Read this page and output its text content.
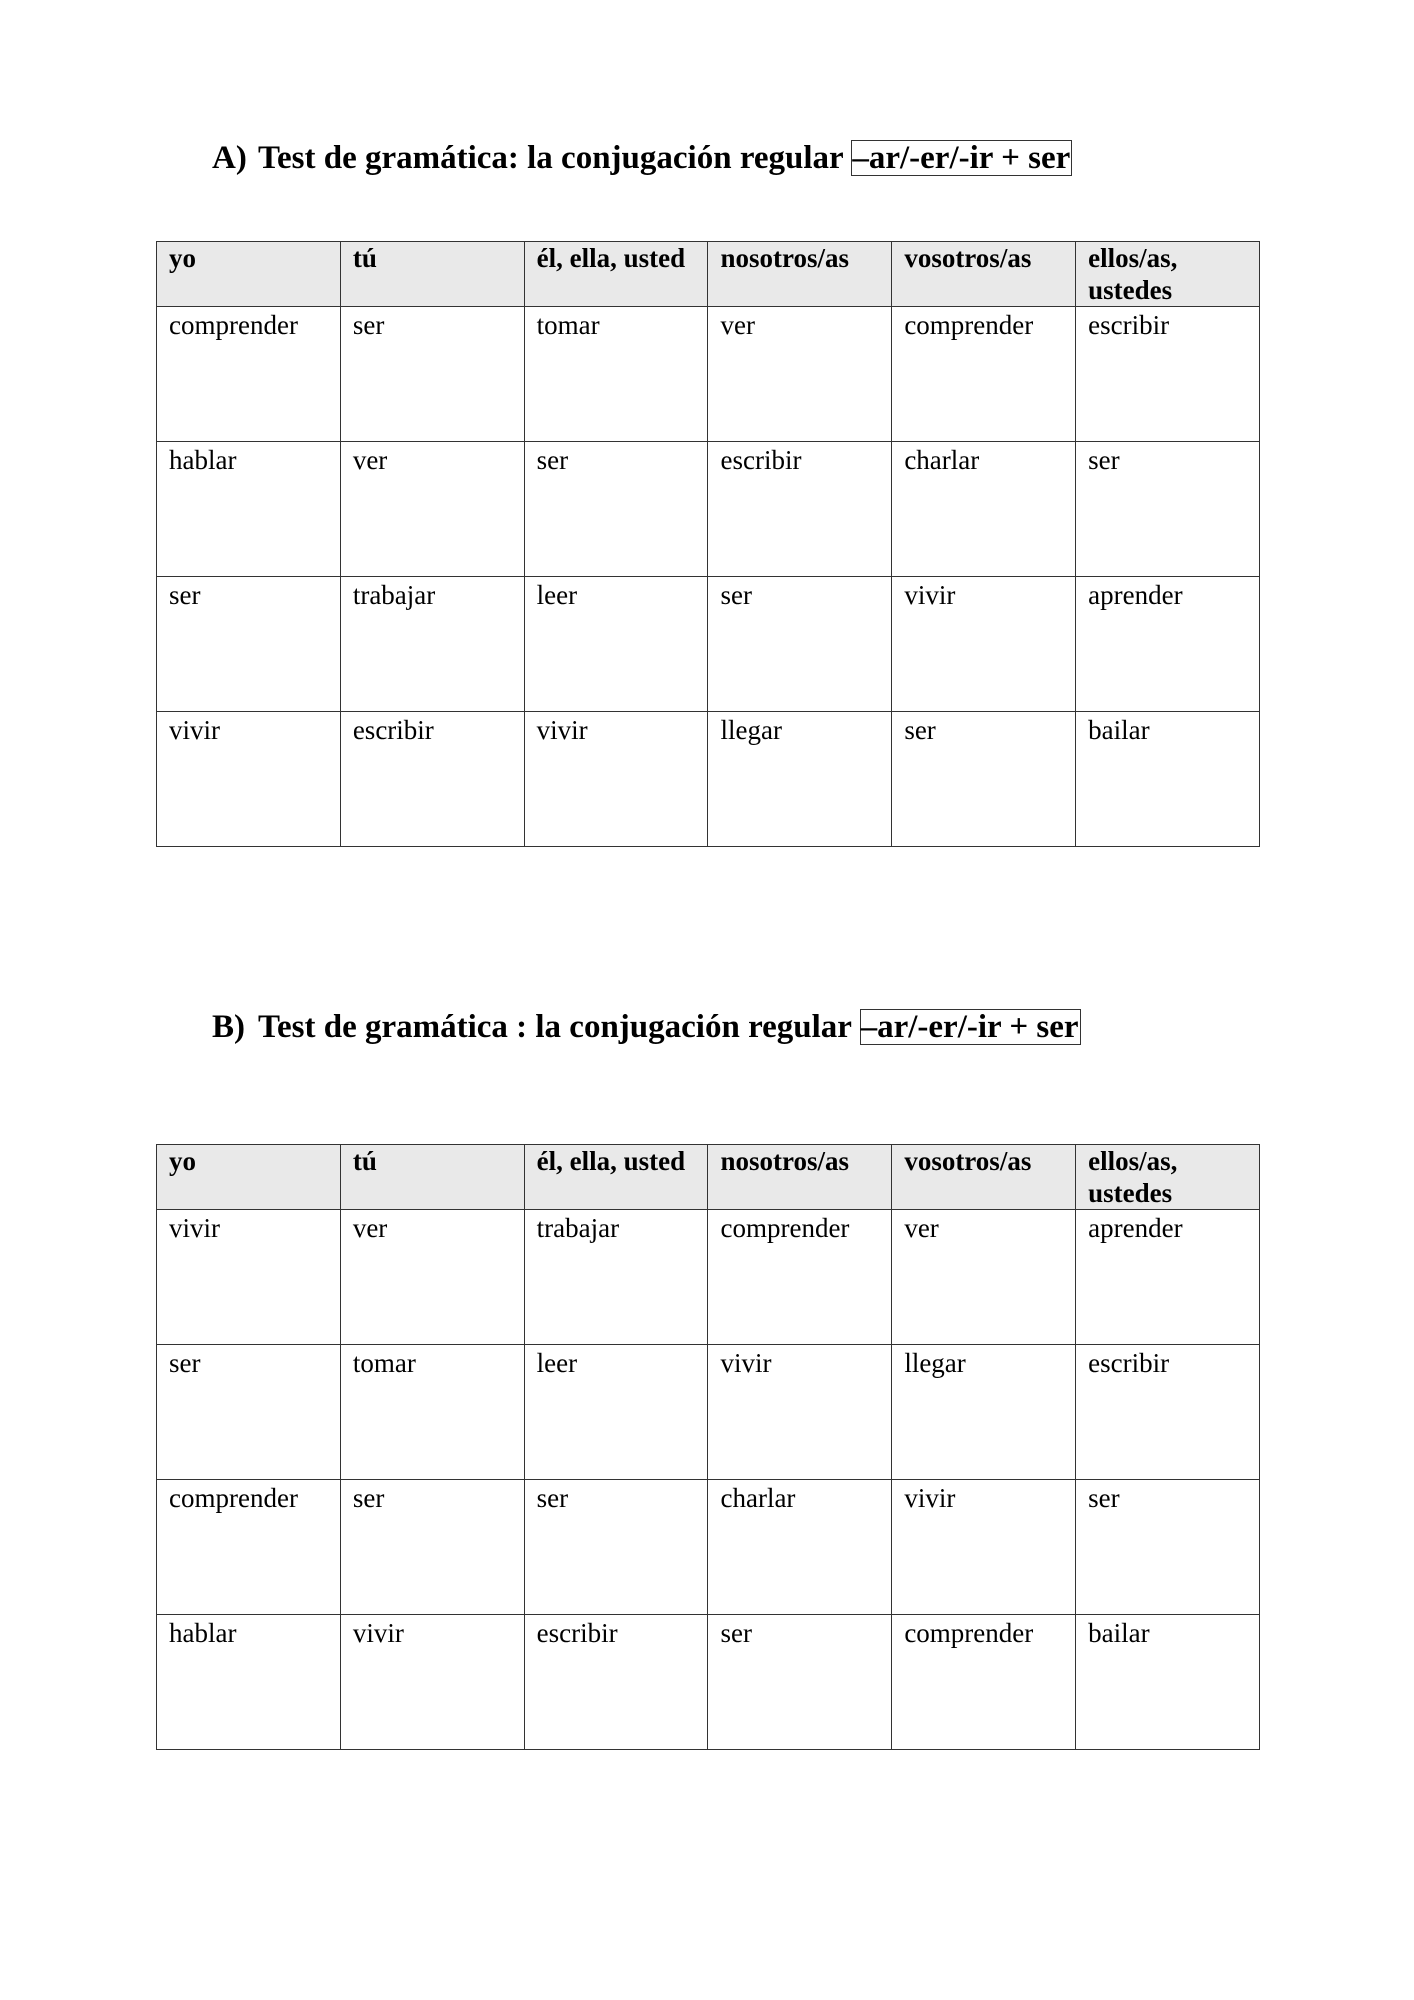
A) Test de gramática: la conjugación regular –ar/-er/-ir + ser
yo	tú	él, ella, usted	nosotros/as	vosotros/as	ellos/as, ustedes
comprender	ser	tomar	ver	comprender	escribir
hablar	ver	ser	escribir	charlar	ser
ser	trabajar	leer	ser	vivir	aprender
vivir	escribir	vivir	llegar	ser	bailar
B) Test de gramática : la conjugación regular –ar/-er/-ir + ser
yo	tú	él, ella, usted	nosotros/as	vosotros/as	ellos/as, ustedes
vivir	ver	trabajar	comprender	ver	aprender
ser	tomar	leer	vivir	llegar	escribir
comprender	ser	ser	charlar	vivir	ser
hablar	vivir	escribir	ser	comprender	bailar
